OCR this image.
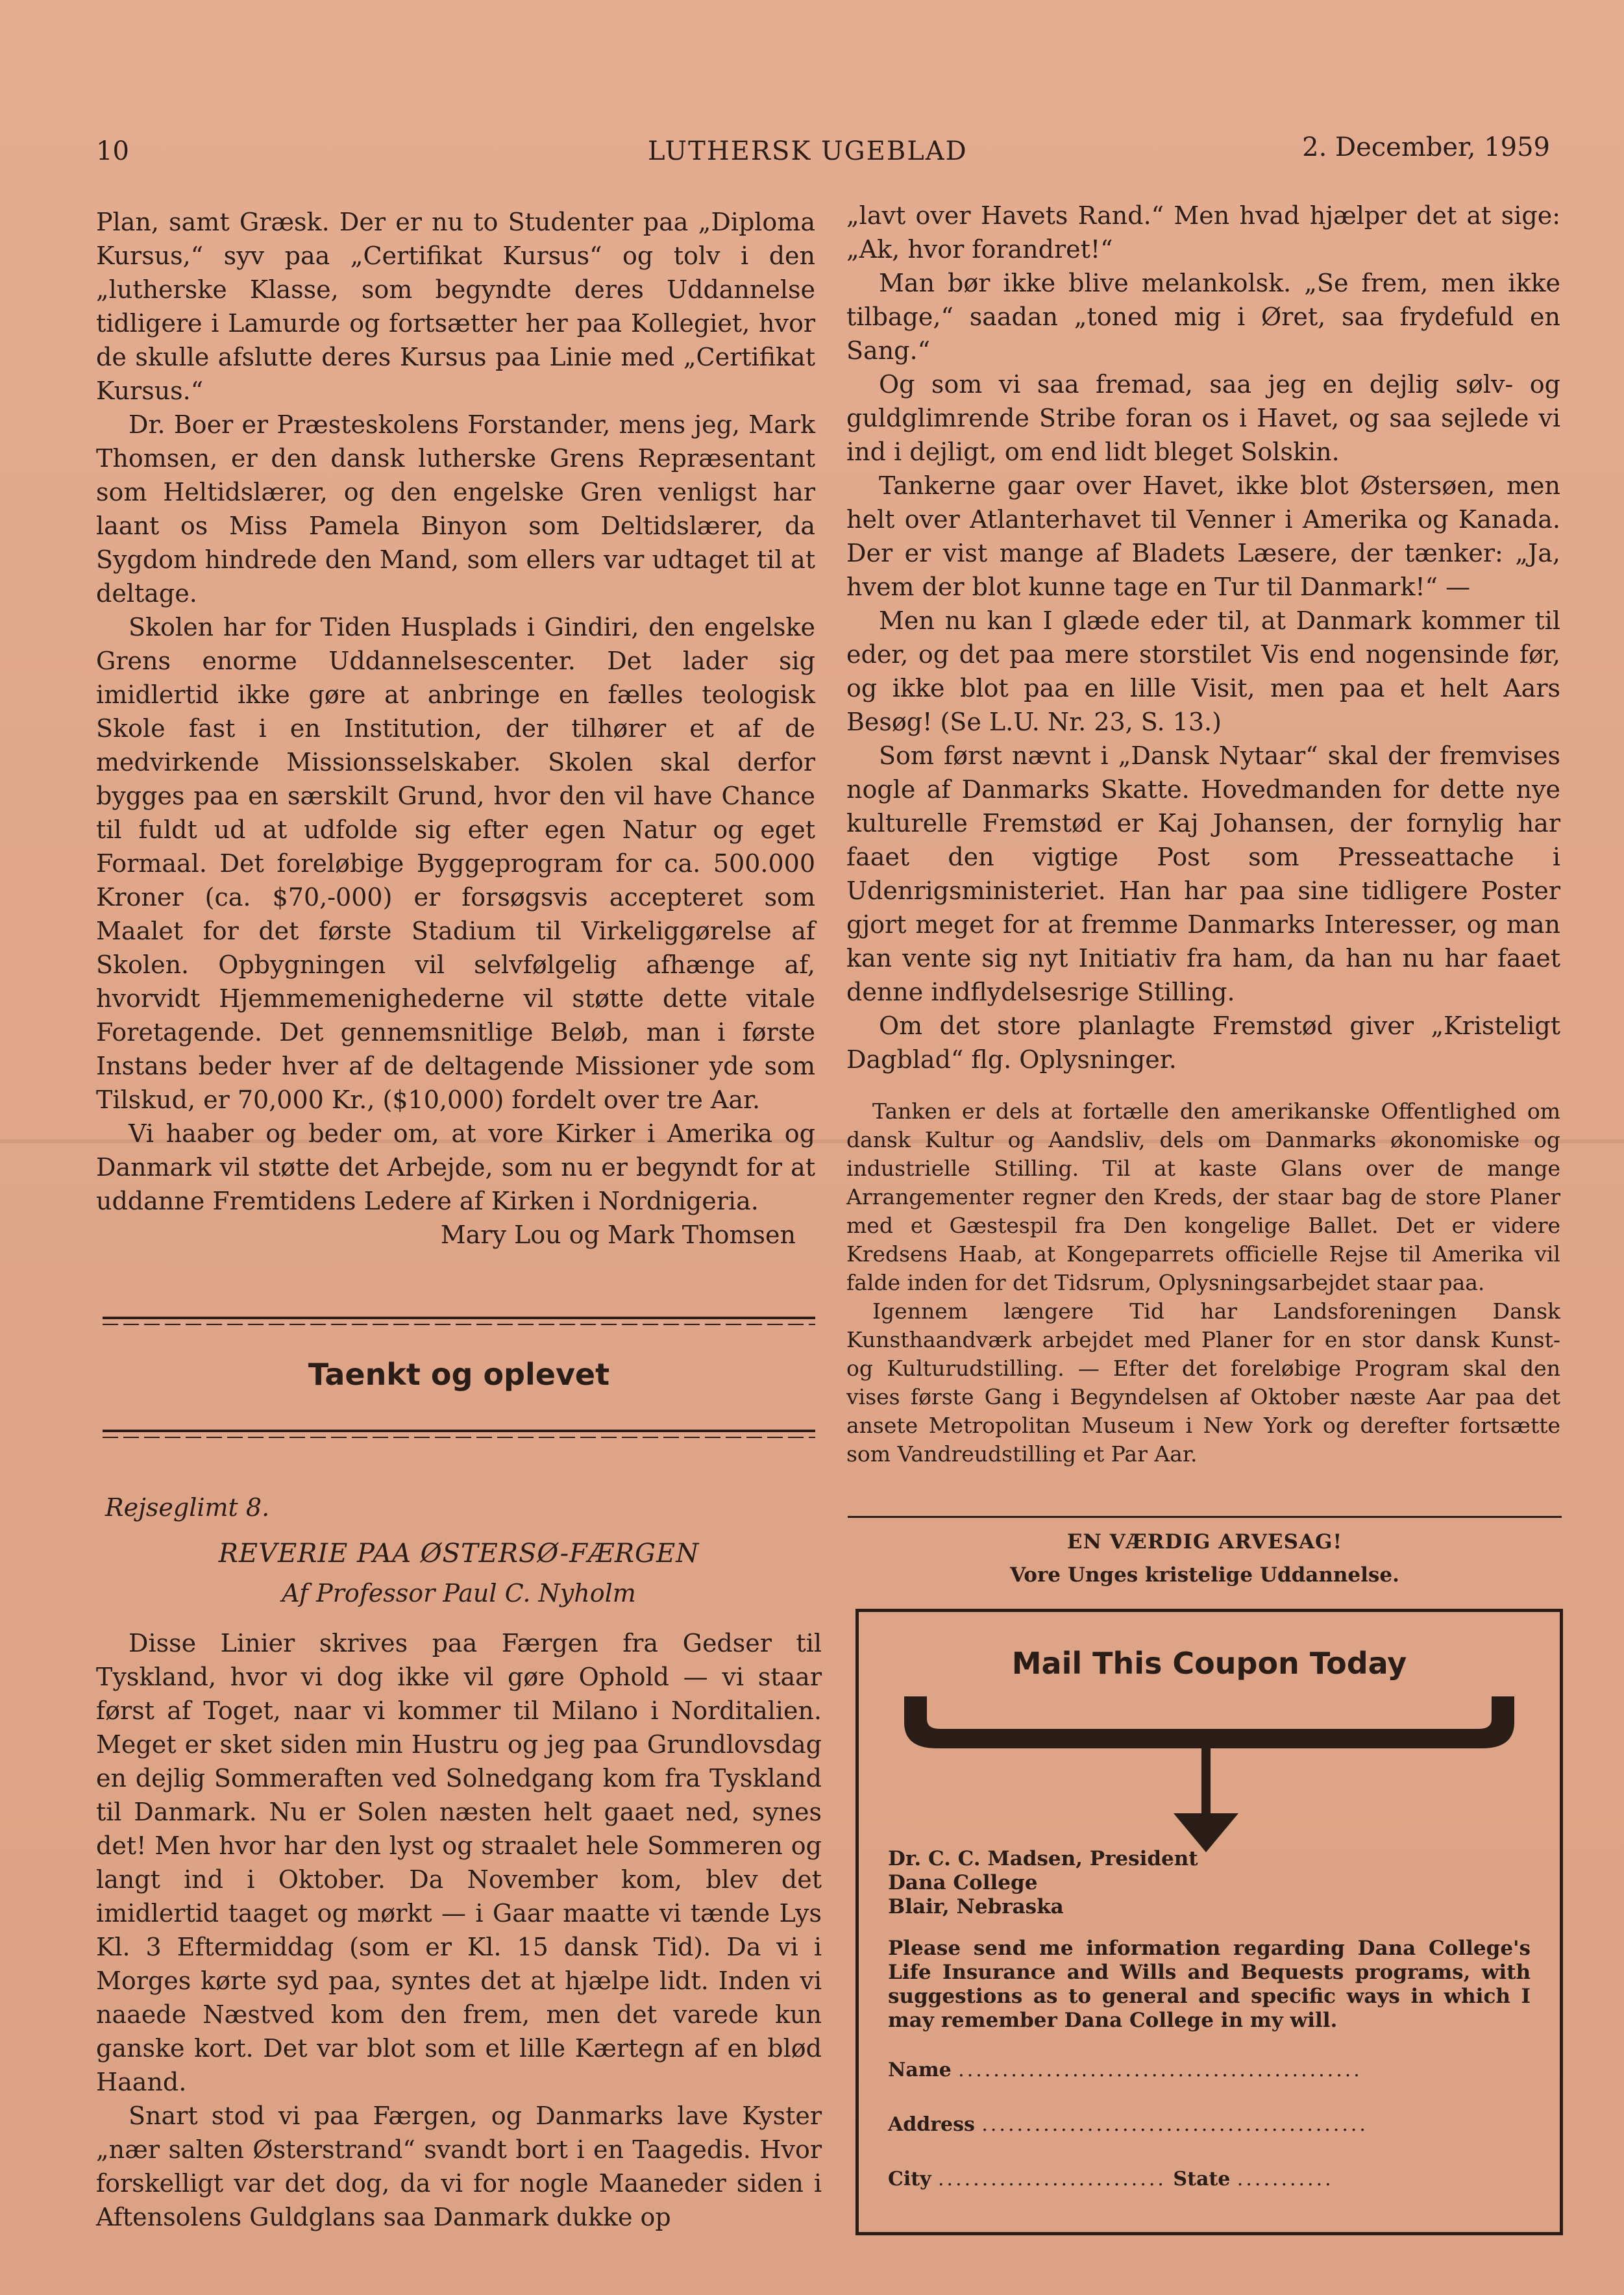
10	LUTHERSK UGEBLAD	2. December, 1959

Plan, samt Græsk. Der er nu to Studenter paa „Diploma Kursus,“ syv paa „Certifikat Kursus“ og tolv i den „lutherske Klasse, som begyndte deres Uddannelse tidligere i Lamurde og fortsætter her paa Kollegiet, hvor de skulle afslutte deres Kursus paa Linie med „Certifikat Kursus.“

Dr. Boer er Præsteskolens Forstander, mens jeg, Mark Thomsen, er den dansk lutherske Grens Repræsentant som Heltidslærer, og den engelske Gren venligst har laant os Miss Pamela Binyon som Deltidslærer, da Sygdom hindrede den Mand, som ellers var udtaget til at deltage.

Skolen har for Tiden Husplads i Gindiri, den engelske Grens enorme Uddannelsescenter. Det lader sig imidlertid ikke gøre at anbringe en fælles teologisk Skole fast i en Institution, der tilhører et af de medvirkende Missionsselskaber. Skolen skal derfor bygges paa en særskilt Grund, hvor den vil have Chance til fuldt ud at udfolde sig efter egen Natur og eget Formaal. Det foreløbige Byggeprogram for ca. 500.000 Kroner (ca. $70,-000) er forsøgsvis accepteret som Maalet for det første Stadium til Virkeliggørelse af Skolen. Opbygningen vil selvfølgelig afhænge af, hvorvidt Hjemmemenighederne vil støtte dette vitale Foretagende. Det gennemsnitlige Beløb, man i første Instans beder hver af de deltagende Missioner yde som Tilskud, er 70,000 Kr., ($10,000) fordelt over tre Aar.

Vi haaber og beder om, at vore Kirker i Amerika og Danmark vil støtte det Arbejde, som nu er begyndt for at uddanne Fremtidens Ledere af Kirken i Nordnigeria.

Mary Lou og Mark Thomsen
Taenkt og oplevet
Rejseglimt 8.
REVERIE PAA ØSTERSØ-FÆRGEN
Af Professor Paul C. Nyholm

Disse Linier skrives paa Færgen fra Gedser til Tyskland, hvor vi dog ikke vil gøre Ophold — vi staar først af Toget, naar vi kommer til Milano i Norditalien. Meget er sket siden min Hustru og jeg paa Grundlovsdag en dejlig Sommeraften ved Solnedgang kom fra Tyskland til Danmark. Nu er Solen næsten helt gaaet ned, synes det! Men hvor har den lyst og straalet hele Sommeren og langt ind i Oktober. Da November kom, blev det imidlertid taaget og mørkt — i Gaar maatte vi tænde Lys Kl. 3 Eftermiddag (som er Kl. 15 dansk Tid). Da vi i Morges kørte syd paa, syntes det at hjælpe lidt. Inden vi naaede Næstved kom den frem, men det varede kun ganske kort. Det var blot som et lille Kærtegn af en blød Haand.

Snart stod vi paa Færgen, og Danmarks lave Kyster „nær salten Østerstrand“ svandt bort i en Taagedis. Hvor forskelligt var det dog, da vi for nogle Maaneder siden i Aftensolens Guldglans saa Danmark dukke op

„lavt over Havets Rand.“ Men hvad hjælper det at sige: „Ak, hvor forandret!“

Man bør ikke blive melankolsk. „Se frem, men ikke tilbage,“ saadan „toned mig i Øret, saa frydefuld en Sang.“

Og som vi saa fremad, saa jeg en dejlig sølv- og guldglimrende Stribe foran os i Havet, og saa sejlede vi ind i dejligt, om end lidt bleget Solskin.

Tankerne gaar over Havet, ikke blot Østersøen, men helt over Atlanterhavet til Venner i Amerika og Kanada. Der er vist mange af Bladets Læsere, der tænker: „Ja, hvem der blot kunne tage en Tur til Danmark!“ —

Men nu kan I glæde eder til, at Danmark kommer til eder, og det paa mere storstilet Vis end nogensinde før, og ikke blot paa en lille Visit, men paa et helt Aars Besøg! (Se L.U. Nr. 23, S. 13.)

Som først nævnt i „Dansk Nytaar“ skal der fremvises nogle af Danmarks Skatte. Hovedmanden for dette nye kulturelle Fremstød er Kaj Johansen, der fornylig har faaet den vigtige Post som Presseattache i Udenrigsministeriet. Han har paa sine tidligere Poster gjort meget for at fremme Danmarks Interesser, og man kan vente sig nyt Initiativ fra ham, da han nu har faaet denne indflydelsesrige Stilling.

Om det store planlagte Fremstød giver „Kristeligt Dagblad“ flg. Oplysninger.

Tanken er dels at fortælle den amerikanske Offentlighed om dansk Kultur og Aandsliv, dels om Danmarks økonomiske og industrielle Stilling. Til at kaste Glans over de mange Arrangementer regner den Kreds, der staar bag de store Planer med et Gæstespil fra Den kongelige Ballet. Det er videre Kredsens Haab, at Kongeparrets officielle Rejse til Amerika vil falde inden for det Tidsrum, Oplysningsarbejdet staar paa.

Igennem længere Tid har Landsforeningen Dansk Kunsthaandværk arbejdet med Planer for en stor dansk Kunst- og Kulturudstilling. — Efter det foreløbige Program skal den vises første Gang i Begyndelsen af Oktober næste Aar paa det ansete Metropolitan Museum i New York og derefter fortsætte som Vandreudstilling et Par Aar.

EN VÆRDIG ARVESAG!
Vore Unges kristelige Uddannelse.
Mail This Coupon Today
Dr. C. C. Madsen, President
Dana College
Blair, Nebraska
Please send me information regarding Dana College's Life Insurance and Wills and Bequests programs, with suggestions as to general and specific ways in which I may remember Dana College in my will.
Name ..............................................
Address ............................................
City .......................... State ...........
